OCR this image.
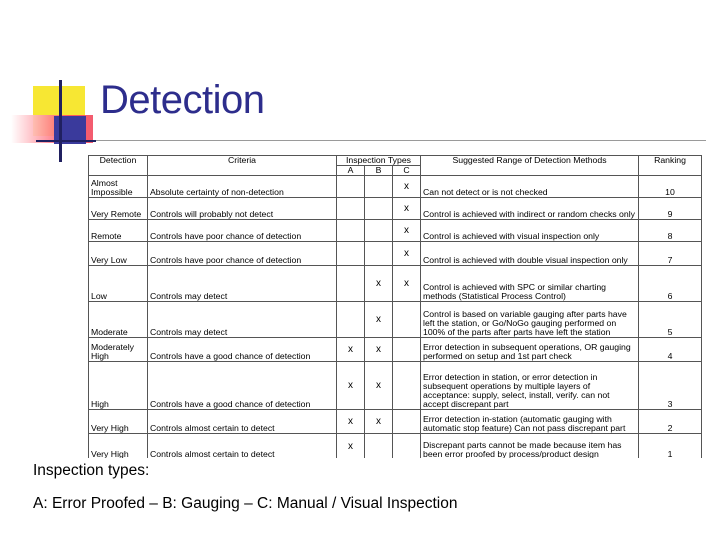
Detection
Detection	Criteria	Inspection Types			Suggested Range of Detection Methods	Ranking
		A	B	C		
Almost Impossible	Absolute certainty of non-detection			x	Can not detect or is not checked	10
Very Remote	Controls will probably not detect			x	Control is achieved with indirect or random checks only	9
Remote	Controls have poor chance of detection			x	Control is achieved with visual inspection only	8
Very Low	Controls have poor chance of detection			x	Control is achieved with double visual inspection only	7
Low	Controls may detect		x	x	Control is achieved with SPC or similar charting methods (Statistical Process Control)	6
Moderate	Controls may detect		x		Control is based on variable gauging after parts have left the station, or Go/NoGo gauging performed on 100% of the parts after parts have left the station	5
Moderately High	Controls have a good chance of detection	x	x		Error detection in subsequent operations, OR gauging performed on setup and 1st part check	4
High	Controls have a good chance of detection	x	x		Error detection in station, or error detection in subsequent operations by multiple layers of acceptance: supply, select, install, verify. can not accept discrepant part	3
Very High	Controls almost certain to detect	x	x		Error detection in-station (automatic gauging with automatic stop feature) Can not pass discrepant part	2
Very High	Controls almost certain to detect	x			Discrepant parts cannot be made because item has been error proofed by process/product design	1
Inspection types:
A: Error Proofed – B: Gauging – C: Manual / Visual Inspection
